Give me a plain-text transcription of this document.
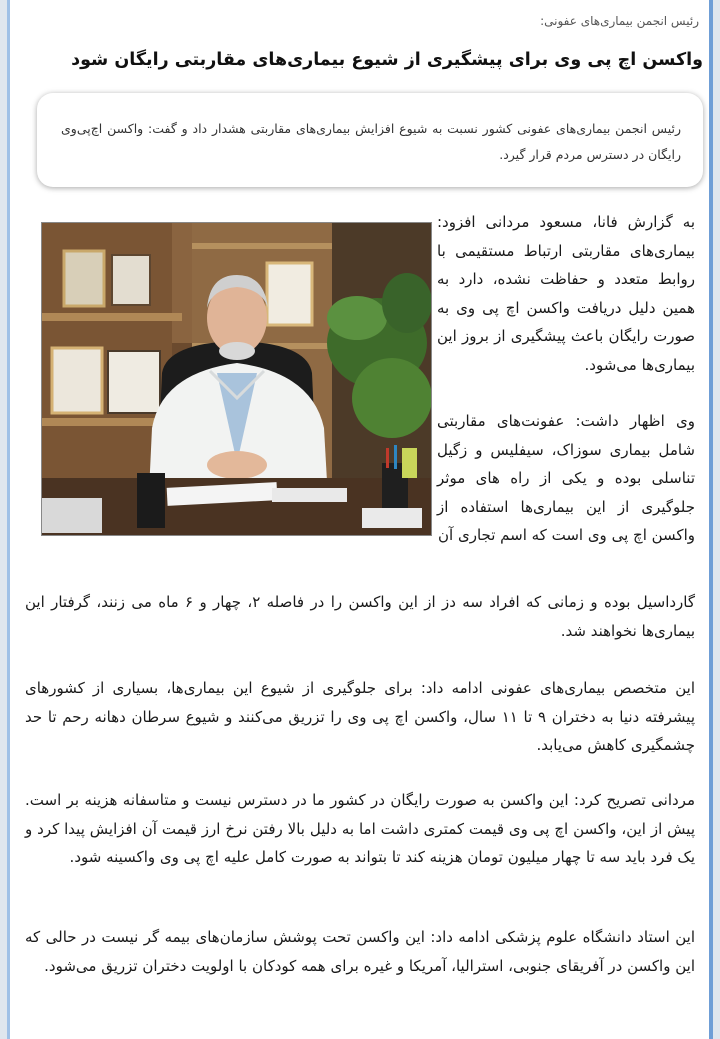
رئیس انجمن بیماری‌های عفونی:
واکسن اچ پی وی برای پیشگیری از شیوع بیماری‌های مقاربتی رایگان شود
رئیس انجمن بیماری‌های عفونی کشور نسبت به شیوع افزایش بیماری‌های مقاربتی هشدار داد و گفت: واکسن اچ‌پی‌وی رایگان در دسترس مردم قرار گیرد.

به گزارش فانا، مسعود مردانی افزود: بیماری‌های مقاربتی ارتباط مستقیمی با روابط متعدد و حفاظت نشده، دارد به همین دلیل دریافت واکسن اچ پی وی به صورت رایگان باعث پیشگیری از بروز این بیماری‌ها می‌شود.

وی اظهار داشت: عفونت‌های مقاربتی شامل بیماری سوزاک، سیفلیس و زگیل تناسلی بوده و یکی از راه های موثر جلوگیری از این بیماری‌ها استفاده از واکسن اچ پی وی است که اسم تجاری آن

گارداسیل بوده و زمانی که افراد سه دز از این واکسن را در فاصله ۲، چهار و ۶ ماه می زنند، گرفتار این بیماری‌ها نخواهند شد.
این متخصص بیماری‌های عفونی ادامه داد: برای جلوگیری از شیوع این بیماری‌ها، بسیاری از کشورهای پیشرفته دنیا به دختران ۹ تا ۱۱ سال، واکسن اچ پی وی را تزریق می‌کنند و شیوع سرطان دهانه رحم تا حد چشمگیری کاهش می‌یابد.
مردانی تصریح کرد: این واکسن به صورت رایگان در کشور ما در دسترس نیست و متاسفانه هزینه بر است. پیش از این، واکسن اچ پی وی قیمت کمتری داشت اما به دلیل بالا رفتن نرخ ارز قیمت آن افزایش پیدا کرد و یک فرد باید سه تا چهار میلیون تومان هزینه کند تا بتواند به صورت کامل علیه اچ پی وی واکسینه شود.
این استاد دانشگاه علوم پزشکی ادامه داد: این واکسن تحت پوشش سازمان‌های بیمه گر نیست در حالی که این واکسن در آفریقای جنوبی، استرالیا، آمریکا و غیره برای همه کودکان با اولویت دختران تزریق می‌شود.
